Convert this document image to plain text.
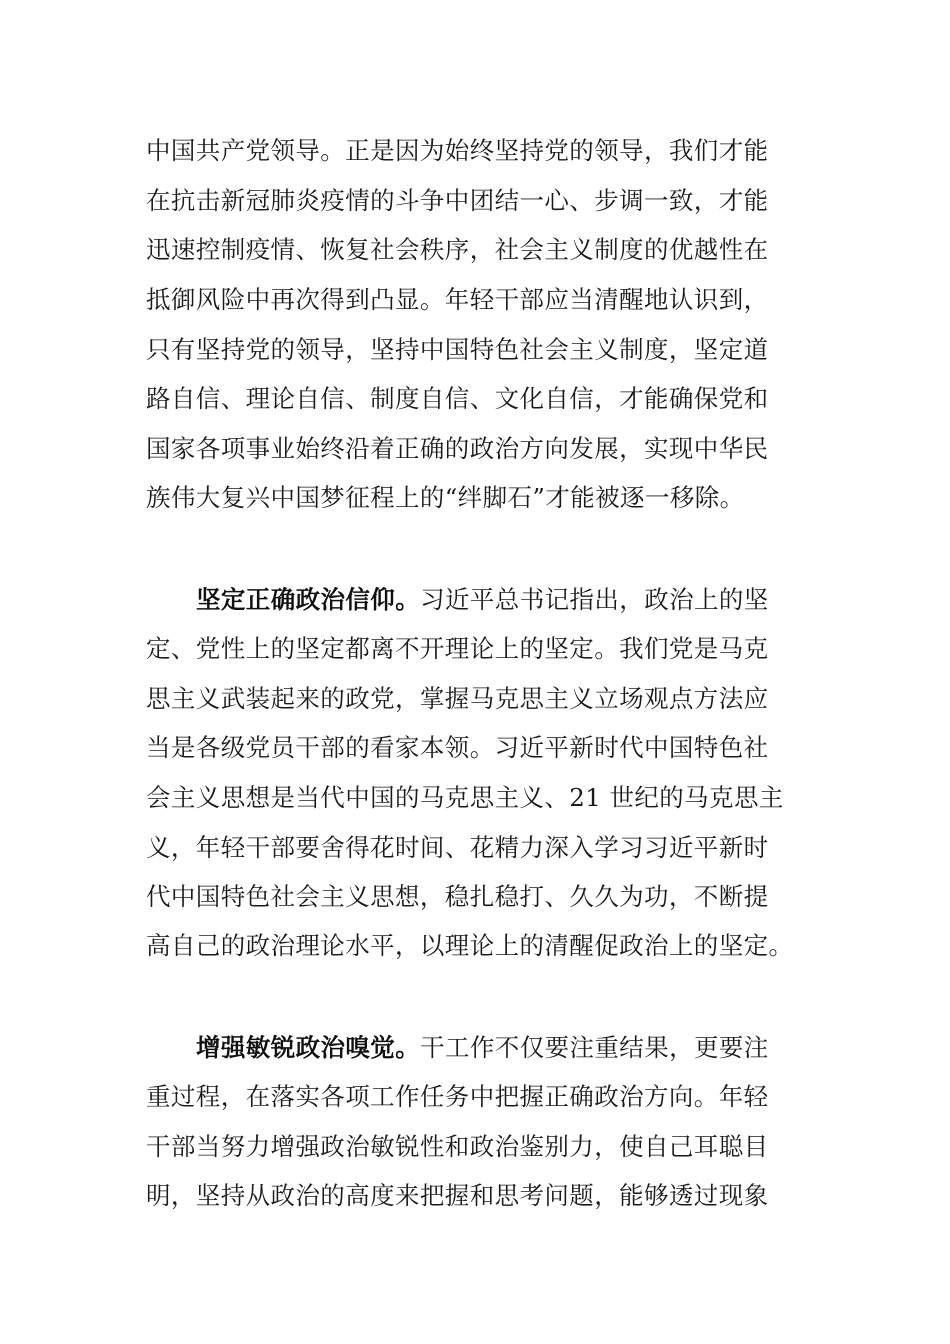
中国共产党领导。正是因为始终坚持党的领导，我们才能
在抗击新冠肺炎疫情的斗争中团结一心、步调一致，才能
迅速控制疫情、恢复社会秩序，社会主义制度的优越性在
抵御风险中再次得到凸显。年轻干部应当清醒地认识到，
只有坚持党的领导，坚持中国特色社会主义制度，坚定道
路自信、理论自信、制度自信、文化自信，才能确保党和
国家各项事业始终沿着正确的政治方向发展，实现中华民
族伟大复兴中国梦征程上的“绊脚石”才能被逐一移除。
坚定正确政治信仰。习近平总书记指出，政治上的坚
定、党性上的坚定都离不开理论上的坚定。我们党是马克
思主义武装起来的政党，掌握马克思主义立场观点方法应
当是各级党员干部的看家本领。习近平新时代中国特色社
会主义思想是当代中国的马克思主义、21 世纪的马克思主
义，年轻干部要舍得花时间、花精力深入学习习近平新时
代中国特色社会主义思想，稳扎稳打、久久为功，不断提
高自己的政治理论水平，以理论上的清醒促政治上的坚定。
增强敏锐政治嗅觉。干工作不仅要注重结果，更要注
重过程，在落实各项工作任务中把握正确政治方向。年轻
干部当努力增强政治敏锐性和政治鉴别力，使自己耳聪目
明，坚持从政治的高度来把握和思考问题，能够透过现象
